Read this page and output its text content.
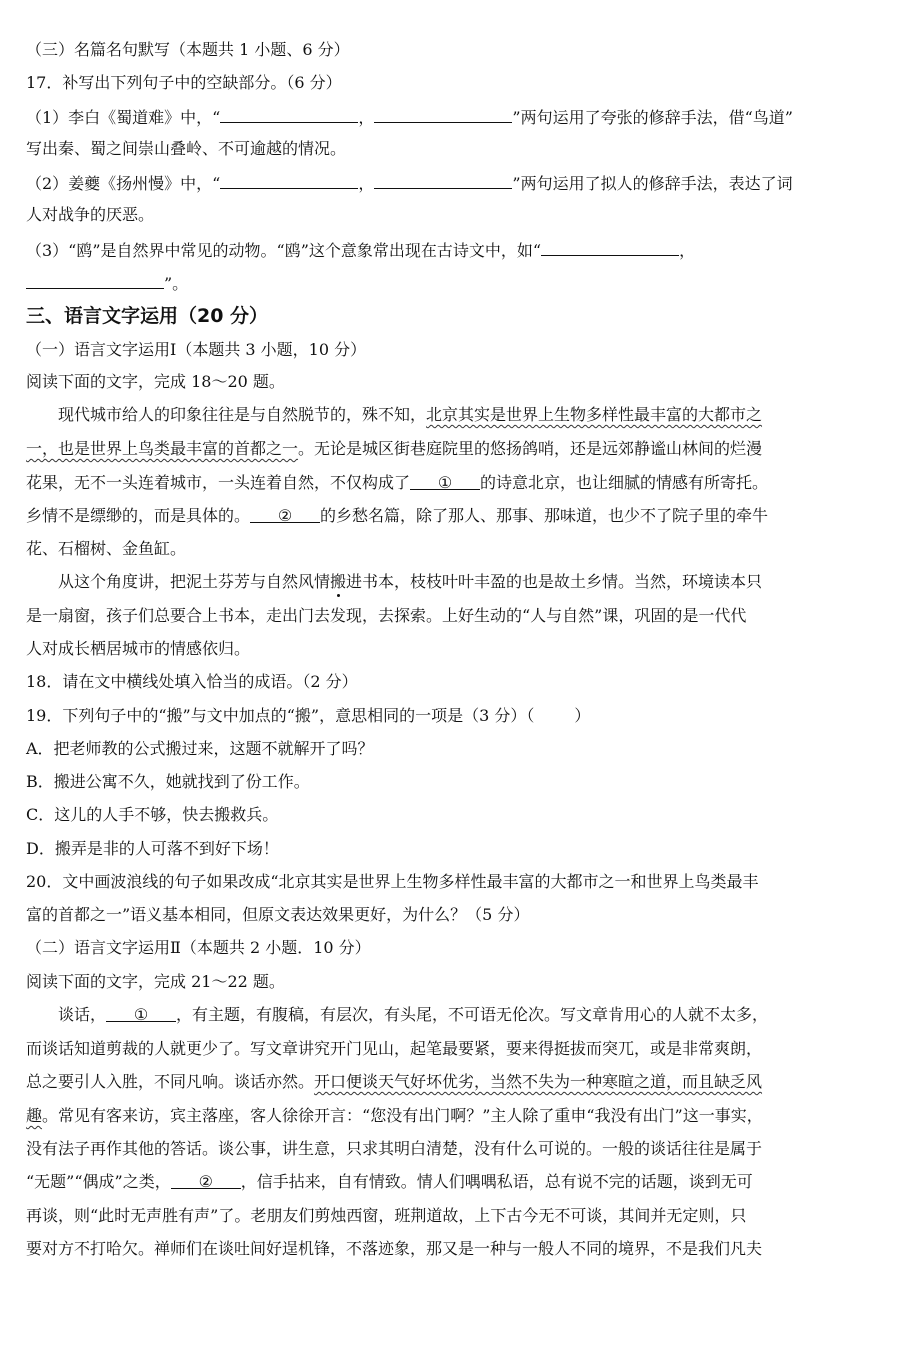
（三）名篇名句默写（本题共 1 小题、6 分）
17．补写出下列句子中的空缺部分。（6 分）
（1）李白《蜀道难》中，“	，	”两句运用了夸张的修辞手法，借“鸟道”
写出秦、蜀之间崇山叠岭、不可逾越的情况。
（2）姜夔《扬州慢》中，“	，	”两句运用了拟人的修辞手法，表达了词
人对战争的厌恶。
（3）“鸥”是自然界中常见的动物。“鸥”这个意象常出现在古诗文中，如“	，
”。
三、语言文字运用（20 分）
（一）语言文字运用Ⅰ（本题共 3 小题，10 分）
阅读下面的文字，完成 18～20 题。
现代城市给人的印象往往是与自然脱节的，殊不知，北京其实是世界上生物多样性最丰富的大都市之
一，也是世界上鸟类最丰富的首都之一。无论是城区街巷庭院里的悠扬鸽哨，还是远郊静谧山林间的烂漫
花果，无不一头连着城市，一头连着自然，不仅构成了 ① 的诗意北京，也让细腻的情感有所寄托。
乡情不是缥缈的，而是具体的。 ② 的乡愁名篇，除了那人、那事、那味道，也少不了院子里的牵牛
花、石榴树、金鱼缸。
从这个角度讲，把泥土芬芳与自然风情搬进书本，枝枝叶叶丰盈的也是故土乡情。当然，环境读本只
是一扇窗，孩子们总要合上书本，走出门去发现，去探索。上好生动的“人与自然”课，巩固的是一代代
人对成长栖居城市的情感依归。
18．请在文中横线处填入恰当的成语。（2 分）
19．下列句子中的“搬”与文中加点的“搬”，意思相同的一项是（3 分）（	）
A．把老师教的公式搬过来，这题不就解开了吗？
B．搬进公寓不久，她就找到了份工作。
C．这儿的人手不够，快去搬救兵。
D．搬弄是非的人可落不到好下场！
20．文中画波浪线的句子如果改成“北京其实是世界上生物多样性最丰富的大都市之一和世界上鸟类最丰
富的首都之一”语义基本相同，但原文表达效果更好，为什么？（5 分）
（二）语言文字运用Ⅱ（本题共 2 小题．10 分）
阅读下面的文字，完成 21～22 题。
谈话， ① ，有主题，有腹稿，有层次，有头尾，不可语无伦次。写文章肯用心的人就不太多，
而谈话知道剪裁的人就更少了。写文章讲究开门见山，起笔最要紧，要来得挺拔而突兀，或是非常爽朗，
总之要引人入胜，不同凡响。谈话亦然。开口便谈天气好坏优劣，当然不失为一种寒暄之道，而且缺乏风
趣。常见有客来访，宾主落座，客人徐徐开言：“您没有出门啊？”主人除了重申“我没有出门”这一事实，
没有法子再作其他的答话。谈公事，讲生意，只求其明白清楚，没有什么可说的。一般的谈话往往是属于
“无题”“偶成”之类， ② ，信手拈来，自有情致。情人们喁喁私语，总有说不完的话题，谈到无可
再谈，则“此时无声胜有声”了。老朋友们剪烛西窗，班荆道故，上下古今无不可谈，其间并无定则，只
要对方不打哈欠。禅师们在谈吐间好逞机锋，不落迹象，那又是一种与一般人不同的境界，不是我们凡夫
